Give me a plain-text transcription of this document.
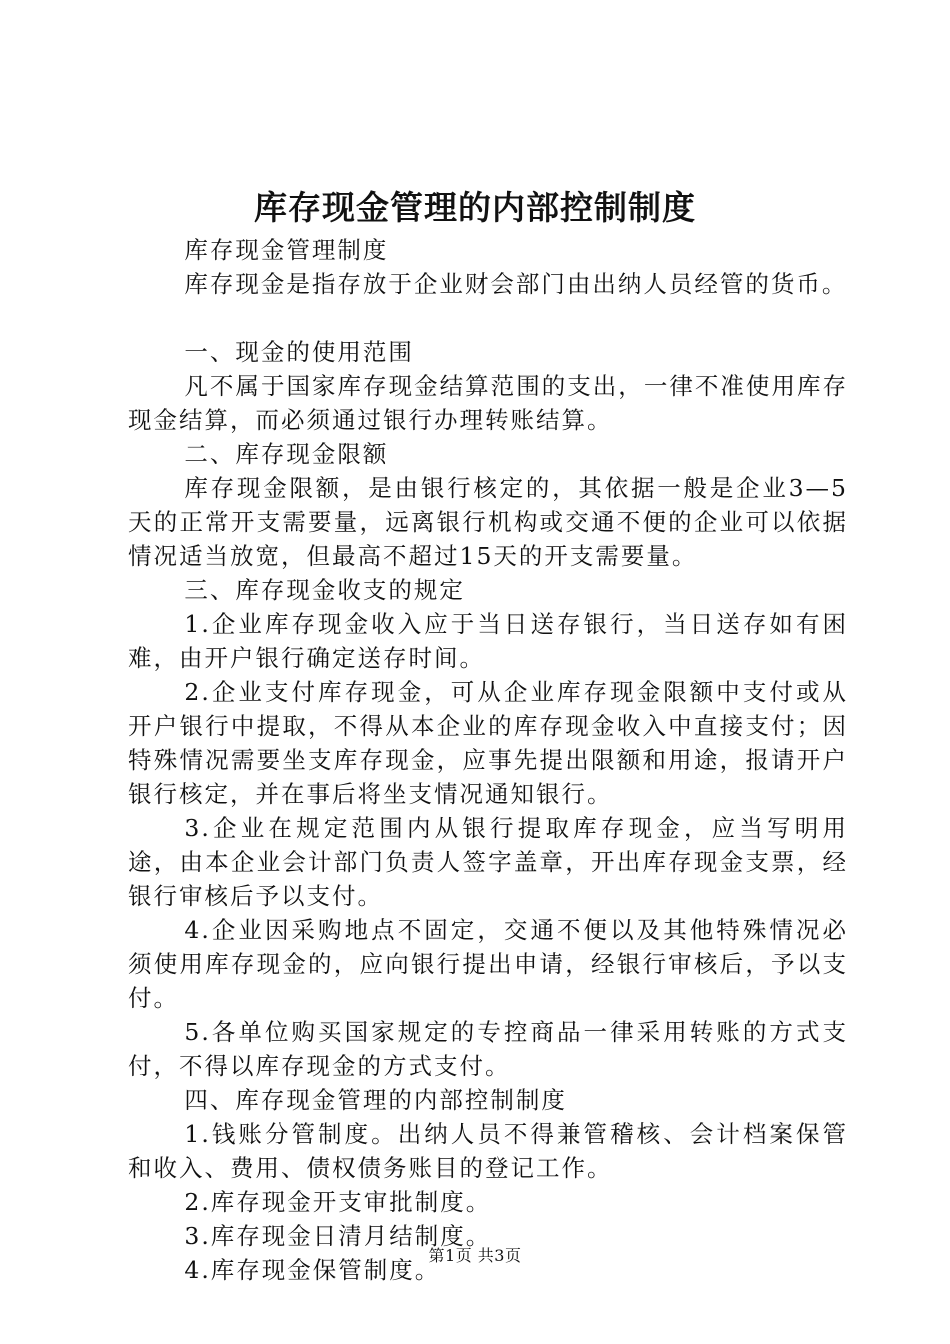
库存现金管理的内部控制制度

库存现金管理制度

库存现金是指存放于企业财会部门由出纳人员经管的货币。

一、现金的使用范围

凡不属于国家库存现金结算范围的支出，一律不准使用库存现金结算，而必须通过银行办理转账结算。

二、库存现金限额

库存现金限额，是由银行核定的，其依据一般是企业3—5天的正常开支需要量，远离银行机构或交通不便的企业可以依据情况适当放宽，但最高不超过15天的开支需要量。

三、库存现金收支的规定

1.企业库存现金收入应于当日送存银行，当日送存如有困难，由开户银行确定送存时间。

2.企业支付库存现金，可从企业库存现金限额中支付或从开户银行中提取，不得从本企业的库存现金收入中直接支付；因特殊情况需要坐支库存现金，应事先提出限额和用途，报请开户银行核定，并在事后将坐支情况通知银行。

3.企业在规定范围内从银行提取库存现金，应当写明用途，由本企业会计部门负责人签字盖章，开出库存现金支票，经银行审核后予以支付。

4.企业因采购地点不固定，交通不便以及其他特殊情况必须使用库存现金的，应向银行提出申请，经银行审核后，予以支付。

5.各单位购买国家规定的专控商品一律采用转账的方式支付，不得以库存现金的方式支付。

四、库存现金管理的内部控制制度

1.钱账分管制度。出纳人员不得兼管稽核、会计档案保管和收入、费用、债权债务账目的登记工作。

2.库存现金开支审批制度。

3.库存现金日清月结制度。

4.库存现金保管制度。

第1页 共3页
